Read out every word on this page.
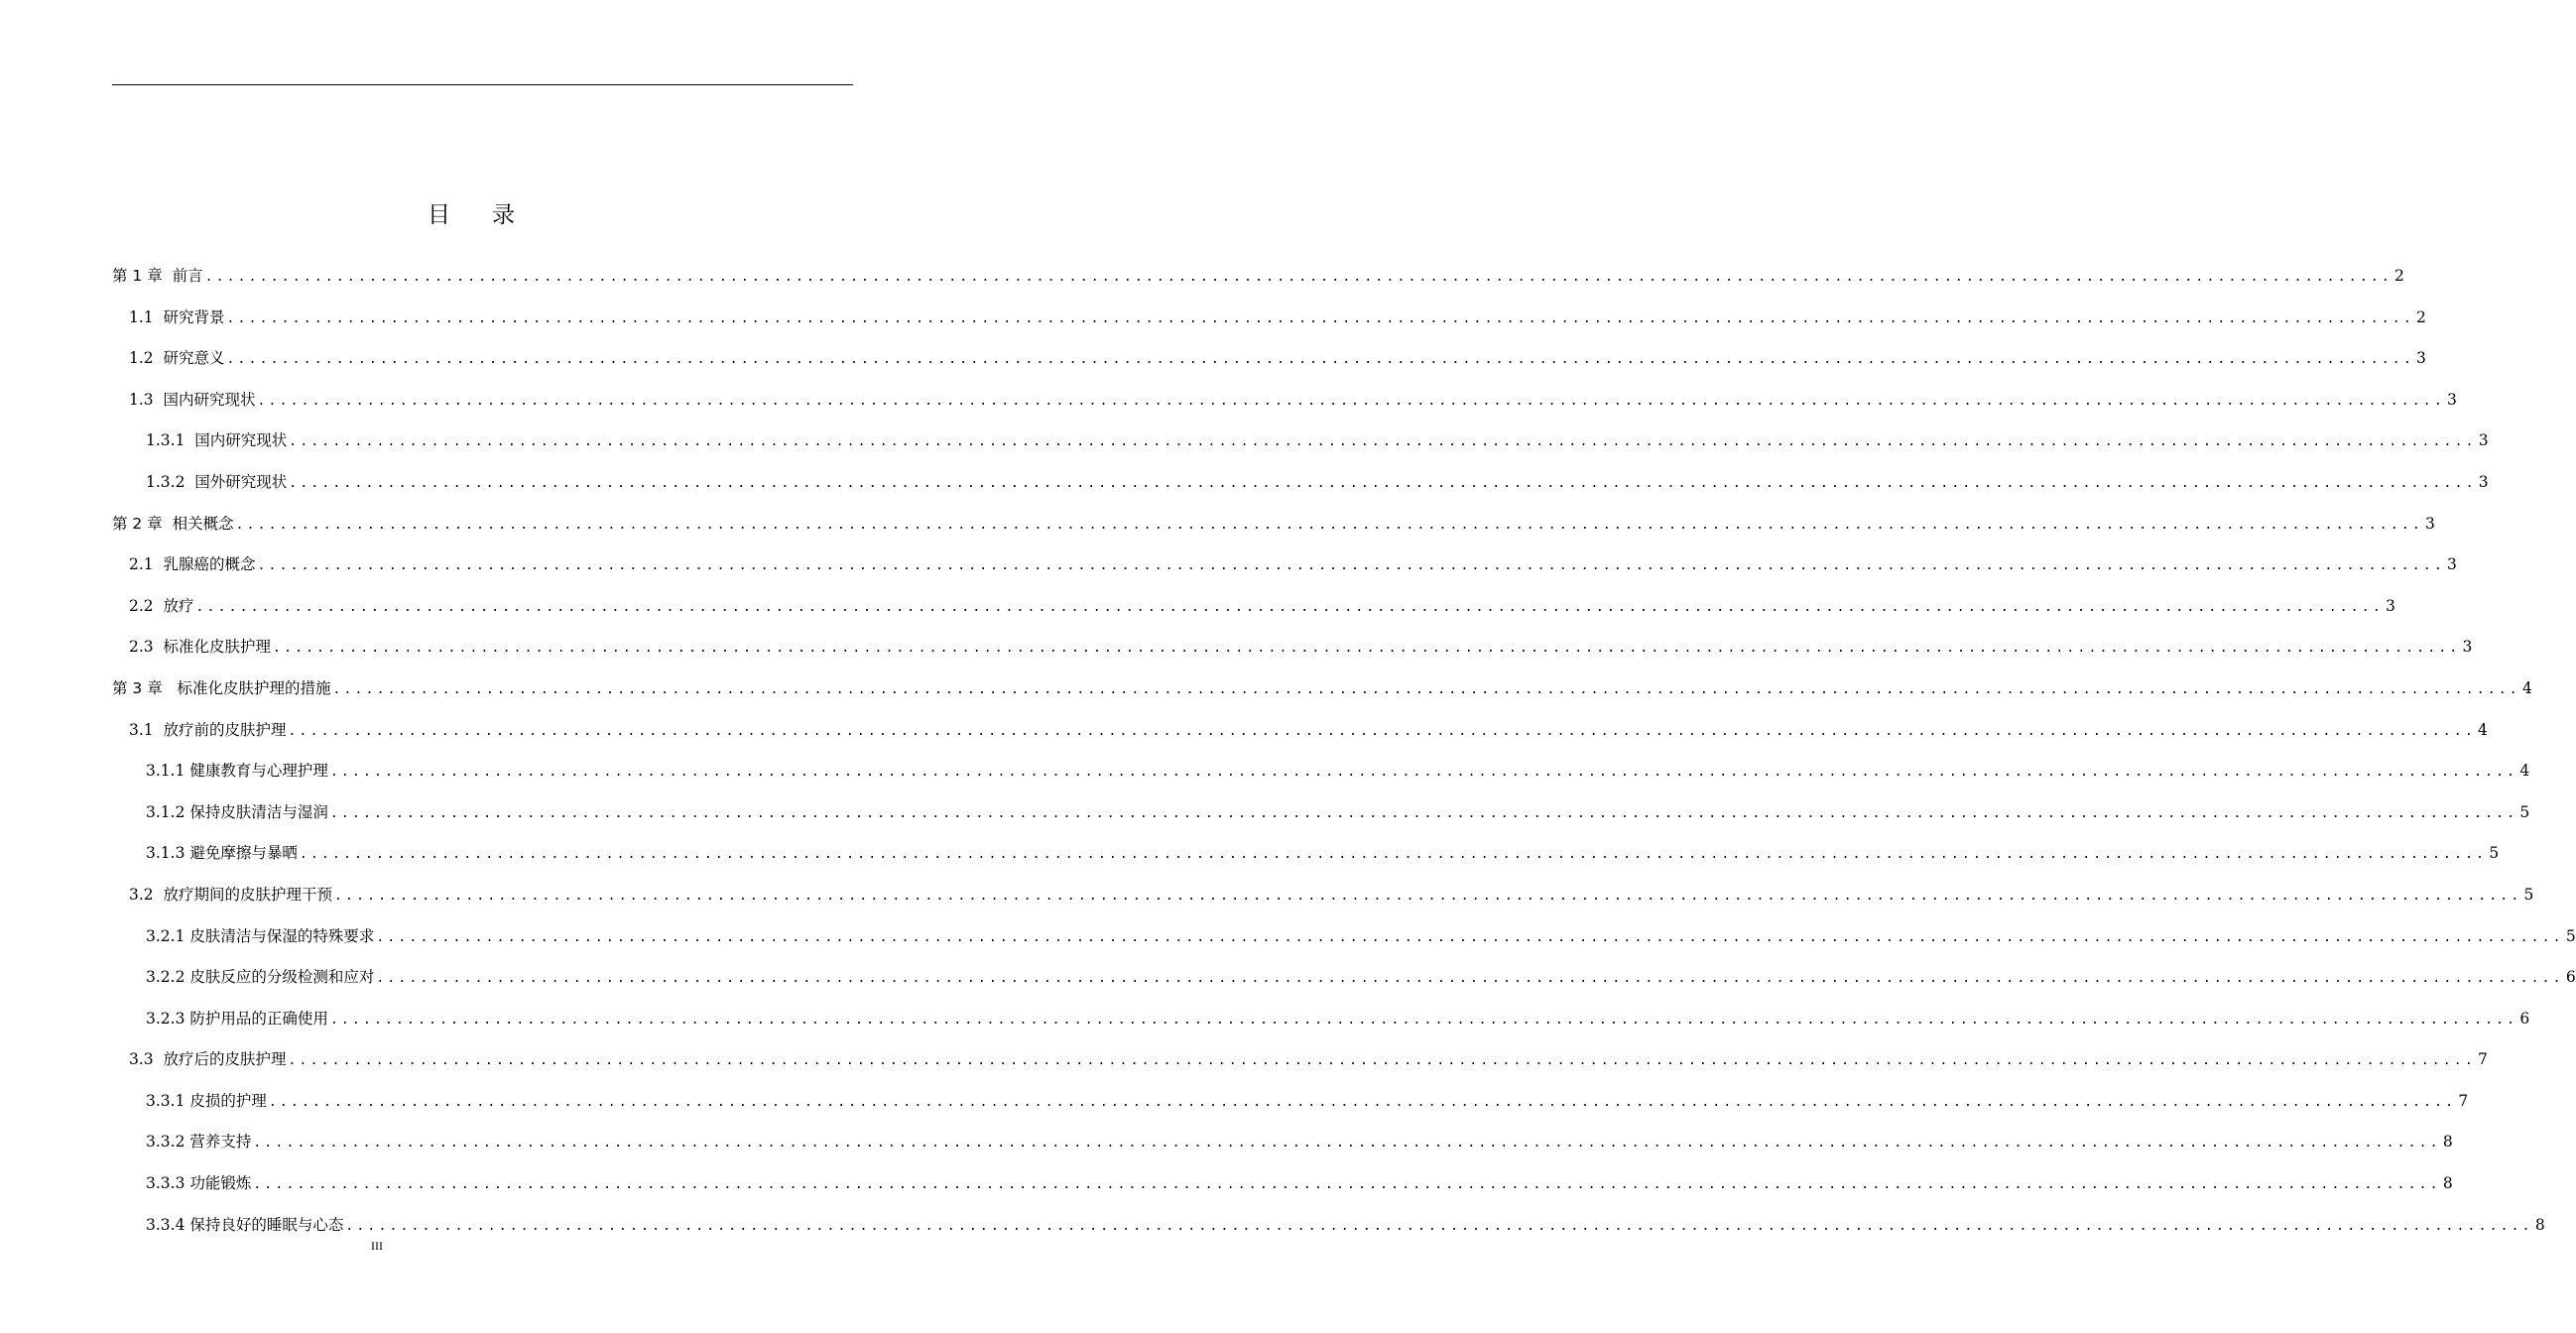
目录
第 1 章  前言 ........................................................................................................................................................................................................ 2
1.1  研究背景 ........................................................................................................................................................................................................ 2
1.2  研究意义 ........................................................................................................................................................................................................ 3
1.3  国内研究现状 ........................................................................................................................................................................................................ 3
1.3.1  国内研究现状 ........................................................................................................................................................................................................ 3
1.3.2  国外研究现状 ........................................................................................................................................................................................................ 3
第 2 章  相关概念 ........................................................................................................................................................................................................ 3
2.1  乳腺癌的概念 ........................................................................................................................................................................................................ 3
2.2  放疗 ........................................................................................................................................................................................................ 3
2.3  标准化皮肤护理 ........................................................................................................................................................................................................ 3
第 3 章   标准化皮肤护理的措施 ........................................................................................................................................................................................................ 4
3.1  放疗前的皮肤护理 ........................................................................................................................................................................................................ 4
3.1.1 健康教育与心理护理 ........................................................................................................................................................................................................ 4
3.1.2 保持皮肤清洁与湿润 ........................................................................................................................................................................................................ 5
3.1.3 避免摩擦与暴晒 ........................................................................................................................................................................................................ 5
3.2  放疗期间的皮肤护理干预 ........................................................................................................................................................................................................ 5
3.2.1 皮肤清洁与保湿的特殊要求 ........................................................................................................................................................................................................ 5
3.2.2 皮肤反应的分级检测和应对 ........................................................................................................................................................................................................ 6
3.2.3 防护用品的正确使用 ........................................................................................................................................................................................................ 6
3.3  放疗后的皮肤护理 ........................................................................................................................................................................................................ 7
3.3.1 皮损的护理 ........................................................................................................................................................................................................ 7
3.3.2 营养支持 ........................................................................................................................................................................................................ 8
3.3.3 功能锻炼 ........................................................................................................................................................................................................ 8
3.3.4 保持良好的睡眠与心态 ........................................................................................................................................................................................................ 8
III
